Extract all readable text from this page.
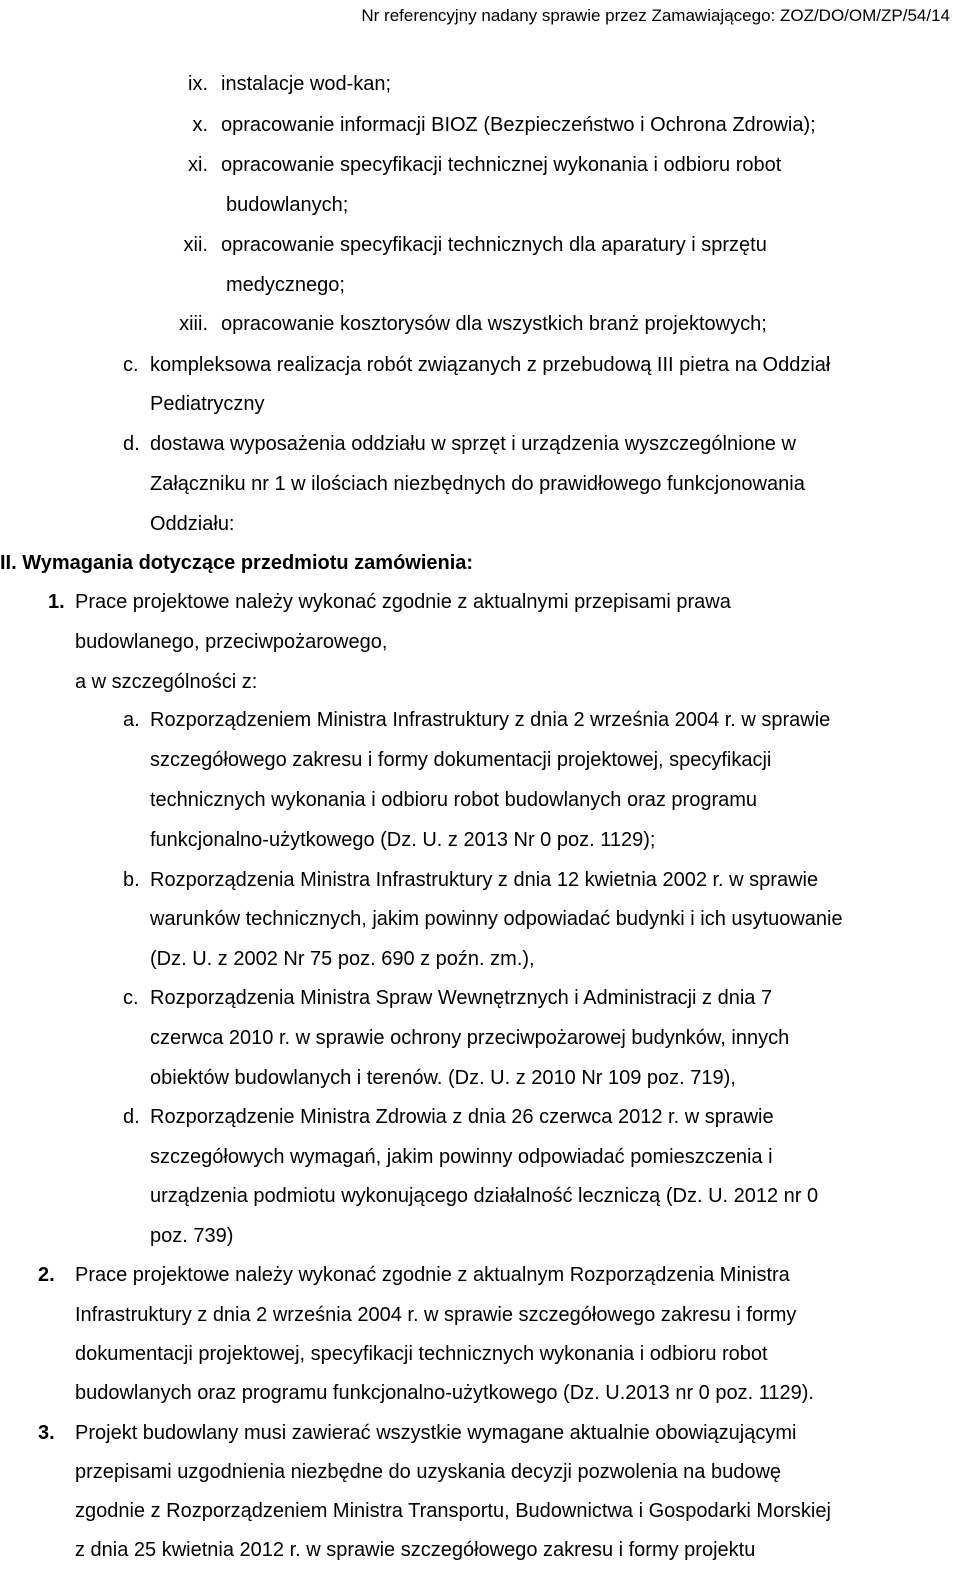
Nr referencyjny nadany sprawie przez Zamawiającego: ZOZ/DO/OM/ZP/54/14
ix. instalacje wod-kan;
x. opracowanie informacji BIOZ (Bezpieczeństwo i Ochrona Zdrowia);
xi. opracowanie specyfikacji technicznej wykonania i odbioru robot
budowlanych;
xii. opracowanie specyfikacji technicznych dla aparatury i sprzętu
medycznego;
xiii. opracowanie kosztorysów dla wszystkich branż projektowych;
c. kompleksowa realizacja robót związanych z przebudową III pietra na Oddział
Pediatryczny
d. dostawa wyposażenia oddziału w sprzęt i urządzenia wyszczególnione w
Załączniku nr 1 w ilościach niezbędnych do prawidłowego funkcjonowania
Oddziału:
II. Wymagania dotyczące przedmiotu zamówienia:
1. Prace projektowe należy wykonać zgodnie z aktualnymi przepisami prawa
budowlanego, przeciwpożarowego,
a w szczególności z:
a. Rozporządzeniem Ministra Infrastruktury z dnia 2 września 2004 r. w sprawie
szczegółowego zakresu i formy dokumentacji projektowej, specyfikacji
technicznych wykonania i odbioru robot budowlanych oraz programu
funkcjonalno-użytkowego (Dz. U. z 2013 Nr 0 poz. 1129);
b. Rozporządzenia Ministra Infrastruktury z dnia 12 kwietnia 2002 r. w sprawie
warunków technicznych, jakim powinny odpowiadać budynki i ich usytuowanie
(Dz. U. z 2002 Nr 75 poz. 690 z poźn. zm.),
c. Rozporządzenia Ministra Spraw Wewnętrznych i Administracji z dnia 7
czerwca 2010 r. w sprawie ochrony przeciwpożarowej budynków, innych
obiektów budowlanych i terenów. (Dz. U. z 2010 Nr 109 poz. 719),
d. Rozporządzenie Ministra Zdrowia z dnia 26 czerwca 2012 r. w sprawie
szczegółowych wymagań, jakim powinny odpowiadać pomieszczenia i
urządzenia podmiotu wykonującego działalność leczniczą (Dz. U. 2012 nr 0
poz. 739)
2. Prace projektowe należy wykonać zgodnie z aktualnym Rozporządzenia Ministra
Infrastruktury z dnia 2 września 2004 r. w sprawie szczegółowego zakresu i formy
dokumentacji projektowej, specyfikacji technicznych wykonania i odbioru robot
budowlanych oraz programu funkcjonalno-użytkowego (Dz. U.2013 nr 0 poz. 1129).
3. Projekt budowlany musi zawierać wszystkie wymagane aktualnie obowiązującymi
przepisami uzgodnienia niezbędne do uzyskania decyzji pozwolenia na budowę
zgodnie z Rozporządzeniem Ministra Transportu, Budownictwa i Gospodarki Morskiej
z dnia 25 kwietnia 2012 r. w sprawie szczegółowego zakresu i formy projektu
